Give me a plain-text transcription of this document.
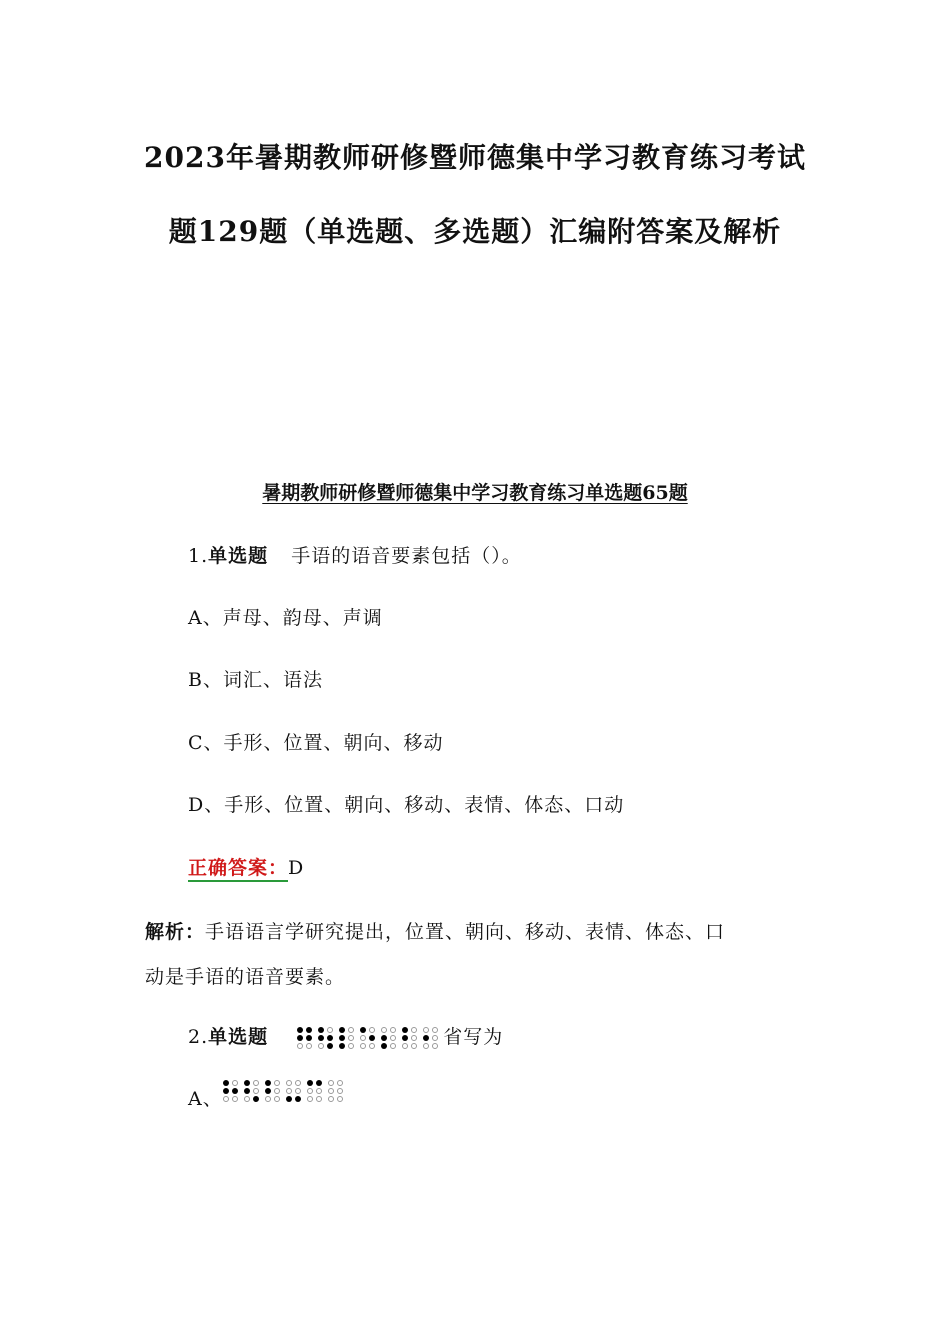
2023年暑期教师研修暨师德集中学习教育练习考试
题129题（单选题、多选题）汇编附答案及解析
暑期教师研修暨师德集中学习教育练习单选题65题
1.单选题 手语的语音要素包括（）。
A、声母、韵母、声调
B、词汇、语法
C、手形、位置、朝向、移动
D、手形、位置、朝向、移动、表情、体态、口动
正确答案：D
解析：手语语言学研究提出，位置、朝向、移动、表情、体态、口
动是手语的语音要素。
2.单选题	省写为
A、
